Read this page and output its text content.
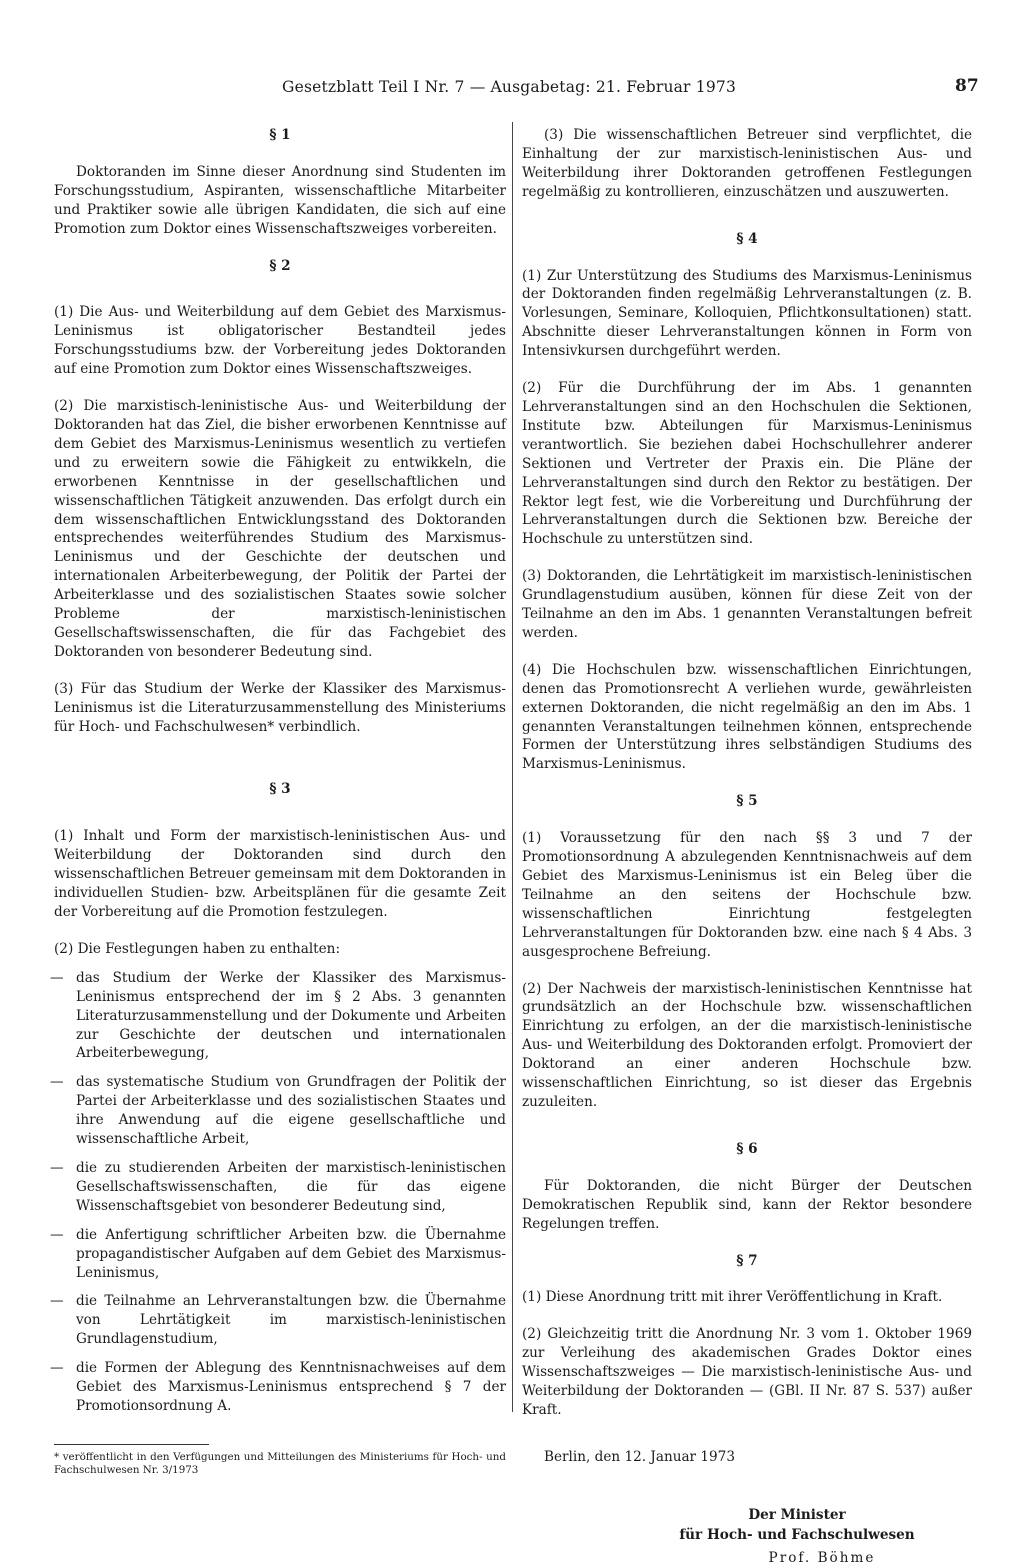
Gesetzblatt Teil I Nr. 7 — Ausgabetag: 21. Februar 1973	87

§ 1

Doktoranden im Sinne dieser Anordnung sind Studenten im Forschungsstudium, Aspiranten, wissenschaftliche Mitarbeiter und Praktiker sowie alle übrigen Kandidaten, die sich auf eine Promotion zum Doktor eines Wissenschaftszweiges vorbereiten.

§ 2

(1) Die Aus- und Weiterbildung auf dem Gebiet des Marxismus-Leninismus ist obligatorischer Bestandteil jedes Forschungsstudiums bzw. der Vorbereitung jedes Doktoranden auf eine Promotion zum Doktor eines Wissenschaftszweiges.

(2) Die marxistisch-leninistische Aus- und Weiterbildung der Doktoranden hat das Ziel, die bisher erworbenen Kenntnisse auf dem Gebiet des Marxismus-Leninismus wesentlich zu vertiefen und zu erweitern sowie die Fähigkeit zu entwikkeln, die erworbenen Kenntnisse in der gesellschaftlichen und wissenschaftlichen Tätigkeit anzuwenden. Das erfolgt durch ein dem wissenschaftlichen Entwicklungsstand des Doktoranden entsprechendes weiterführendes Studium des Marxismus-Leninismus und der Geschichte der deutschen und internationalen Arbeiterbewegung, der Politik der Partei der Arbeiterklasse und des sozialistischen Staates sowie solcher Probleme der marxistisch-leninistischen Gesellschaftswissenschaften, die für das Fachgebiet des Doktoranden von besonderer Bedeutung sind.

(3) Für das Studium der Werke der Klassiker des Marxismus-Leninismus ist die Literaturzusammenstellung des Ministeriums für Hoch- und Fachschulwesen* verbindlich.

§ 3

(1) Inhalt und Form der marxistisch-leninistischen Aus- und Weiterbildung der Doktoranden sind durch den wissenschaftlichen Betreuer gemeinsam mit dem Doktoranden in individuellen Studien- bzw. Arbeitsplänen für die gesamte Zeit der Vorbereitung auf die Promotion festzulegen.

(2) Die Festlegungen haben zu enthalten:

— das Studium der Werke der Klassiker des Marxismus-Leninismus entsprechend der im § 2 Abs. 3 genannten Literaturzusammenstellung und der Dokumente und Arbeiten zur Geschichte der deutschen und internationalen Arbeiterbewegung,

— das systematische Studium von Grundfragen der Politik der Partei der Arbeiterklasse und des sozialistischen Staates und ihre Anwendung auf die eigene gesellschaftliche und wissenschaftliche Arbeit,

— die zu studierenden Arbeiten der marxistisch-leninistischen Gesellschaftswissenschaften, die für das eigene Wissenschaftsgebiet von besonderer Bedeutung sind,

— die Anfertigung schriftlicher Arbeiten bzw. die Übernahme propagandistischer Aufgaben auf dem Gebiet des Marxismus-Leninismus,

— die Teilnahme an Lehrveranstaltungen bzw. die Übernahme von Lehrtätigkeit im marxistisch-leninistischen Grundlagenstudium,

— die Formen der Ablegung des Kenntnisnachweises auf dem Gebiet des Marxismus-Leninismus entsprechend § 7 der Promotionsordnung A.

* veröffentlicht in den Verfügungen und Mitteilungen des Ministeriums für Hoch- und Fachschulwesen Nr. 3/1973

(3) Die wissenschaftlichen Betreuer sind verpflichtet, die Einhaltung der zur marxistisch-leninistischen Aus- und Weiterbildung ihrer Doktoranden getroffenen Festlegungen regelmäßig zu kontrollieren, einzuschätzen und auszuwerten.

§ 4

(1) Zur Unterstützung des Studiums des Marxismus-Leninismus der Doktoranden finden regelmäßig Lehrveranstaltungen (z. B. Vorlesungen, Seminare, Kolloquien, Pflichtkonsultationen) statt. Abschnitte dieser Lehrveranstaltungen können in Form von Intensivkursen durchgeführt werden.

(2) Für die Durchführung der im Abs. 1 genannten Lehrveranstaltungen sind an den Hochschulen die Sektionen, Institute bzw. Abteilungen für Marxismus-Leninismus verantwortlich. Sie beziehen dabei Hochschullehrer anderer Sektionen und Vertreter der Praxis ein. Die Pläne der Lehrveranstaltungen sind durch den Rektor zu bestätigen. Der Rektor legt fest, wie die Vorbereitung und Durchführung der Lehrveranstaltungen durch die Sektionen bzw. Bereiche der Hochschule zu unterstützen sind.

(3) Doktoranden, die Lehrtätigkeit im marxistisch-leninistischen Grundlagenstudium ausüben, können für diese Zeit von der Teilnahme an den im Abs. 1 genannten Veranstaltungen befreit werden.

(4) Die Hochschulen bzw. wissenschaftlichen Einrichtungen, denen das Promotionsrecht A verliehen wurde, gewährleisten externen Doktoranden, die nicht regelmäßig an den im Abs. 1 genannten Veranstaltungen teilnehmen können, entsprechende Formen der Unterstützung ihres selbständigen Studiums des Marxismus-Leninismus.

§ 5

(1) Voraussetzung für den nach §§ 3 und 7 der Promotionsordnung A abzulegenden Kenntnisnachweis auf dem Gebiet des Marxismus-Leninismus ist ein Beleg über die Teilnahme an den seitens der Hochschule bzw. wissenschaftlichen Einrichtung festgelegten Lehrveranstaltungen für Doktoranden bzw. eine nach § 4 Abs. 3 ausgesprochene Befreiung.

(2) Der Nachweis der marxistisch-leninistischen Kenntnisse hat grundsätzlich an der Hochschule bzw. wissenschaftlichen Einrichtung zu erfolgen, an der die marxistisch-leninistische Aus- und Weiterbildung des Doktoranden erfolgt. Promoviert der Doktorand an einer anderen Hochschule bzw. wissenschaftlichen Einrichtung, so ist dieser das Ergebnis zuzuleiten.

§ 6

Für Doktoranden, die nicht Bürger der Deutschen Demokratischen Republik sind, kann der Rektor besondere Regelungen treffen.

§ 7

(1) Diese Anordnung tritt mit ihrer Veröffentlichung in Kraft.

(2) Gleichzeitig tritt die Anordnung Nr. 3 vom 1. Oktober 1969 zur Verleihung des akademischen Grades Doktor eines Wissenschaftszweiges — Die marxistisch-leninistische Aus- und Weiterbildung der Doktoranden — (GBl. II Nr. 87 S. 537) außer Kraft.

Berlin, den 12. Januar 1973

Der Minister
für Hoch- und Fachschulwesen
Prof. Böhme
